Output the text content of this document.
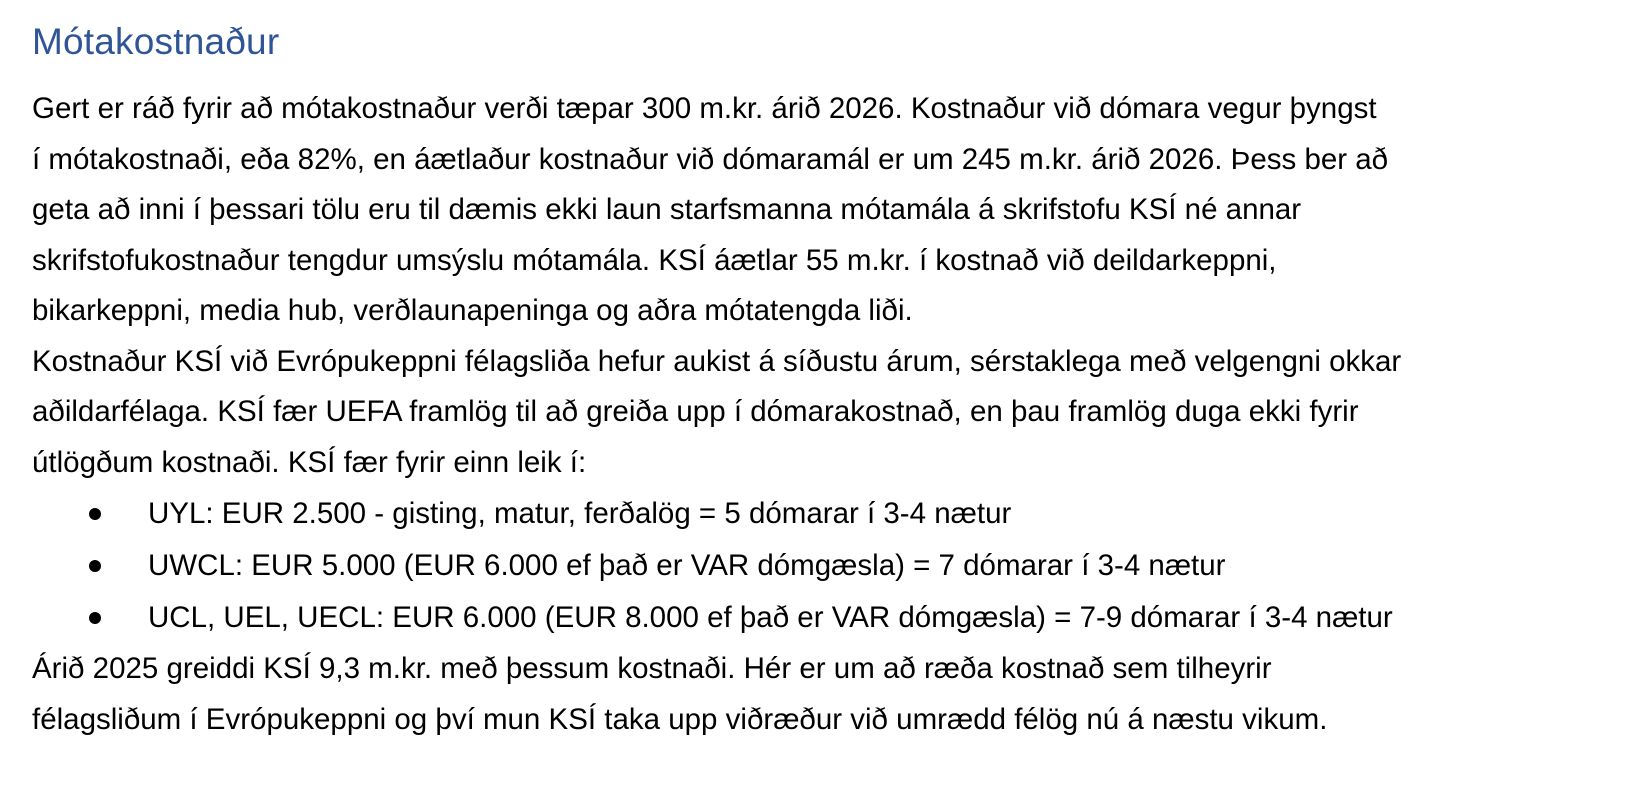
Mótakostnaður

Gert er ráð fyrir að mótakostnaður verði tæpar 300 m.kr. árið 2026. Kostnaður við dómara vegur þyngst
í mótakostnaði, eða 82%, en áætlaður kostnaður við dómaramál er um 245 m.kr. árið 2026. Þess ber að
geta að inni í þessari tölu eru til dæmis ekki laun starfsmanna mótamála á skrifstofu KSÍ né annar
skrifstofukostnaður tengdur umsýslu mótamála. KSÍ áætlar 55 m.kr. í kostnað við deildarkeppni,
bikarkeppni, media hub, verðlaunapeninga og aðra mótatengda liði.

Kostnaður KSÍ við Evrópukeppni félagsliða hefur aukist á síðustu árum, sérstaklega með velgengni okkar
aðildarfélaga. KSÍ fær UEFA framlög til að greiða upp í dómarakostnað, en þau framlög duga ekki fyrir
útlögðum kostnaði. KSÍ fær fyrir einn leik í:

UYL: EUR 2.500 - gisting, matur, ferðalög = 5 dómarar í 3-4 nætur
UWCL: EUR 5.000 (EUR 6.000 ef það er VAR dómgæsla) = 7 dómarar í 3-4 nætur
UCL, UEL, UECL: EUR 6.000 (EUR 8.000 ef það er VAR dómgæsla) = 7-9 dómarar í 3-4 nætur

Árið 2025 greiddi KSÍ 9,3 m.kr. með þessum kostnaði. Hér er um að ræða kostnað sem tilheyrir
félagsliðum í Evrópukeppni og því mun KSÍ taka upp viðræður við umrædd félög nú á næstu vikum.
